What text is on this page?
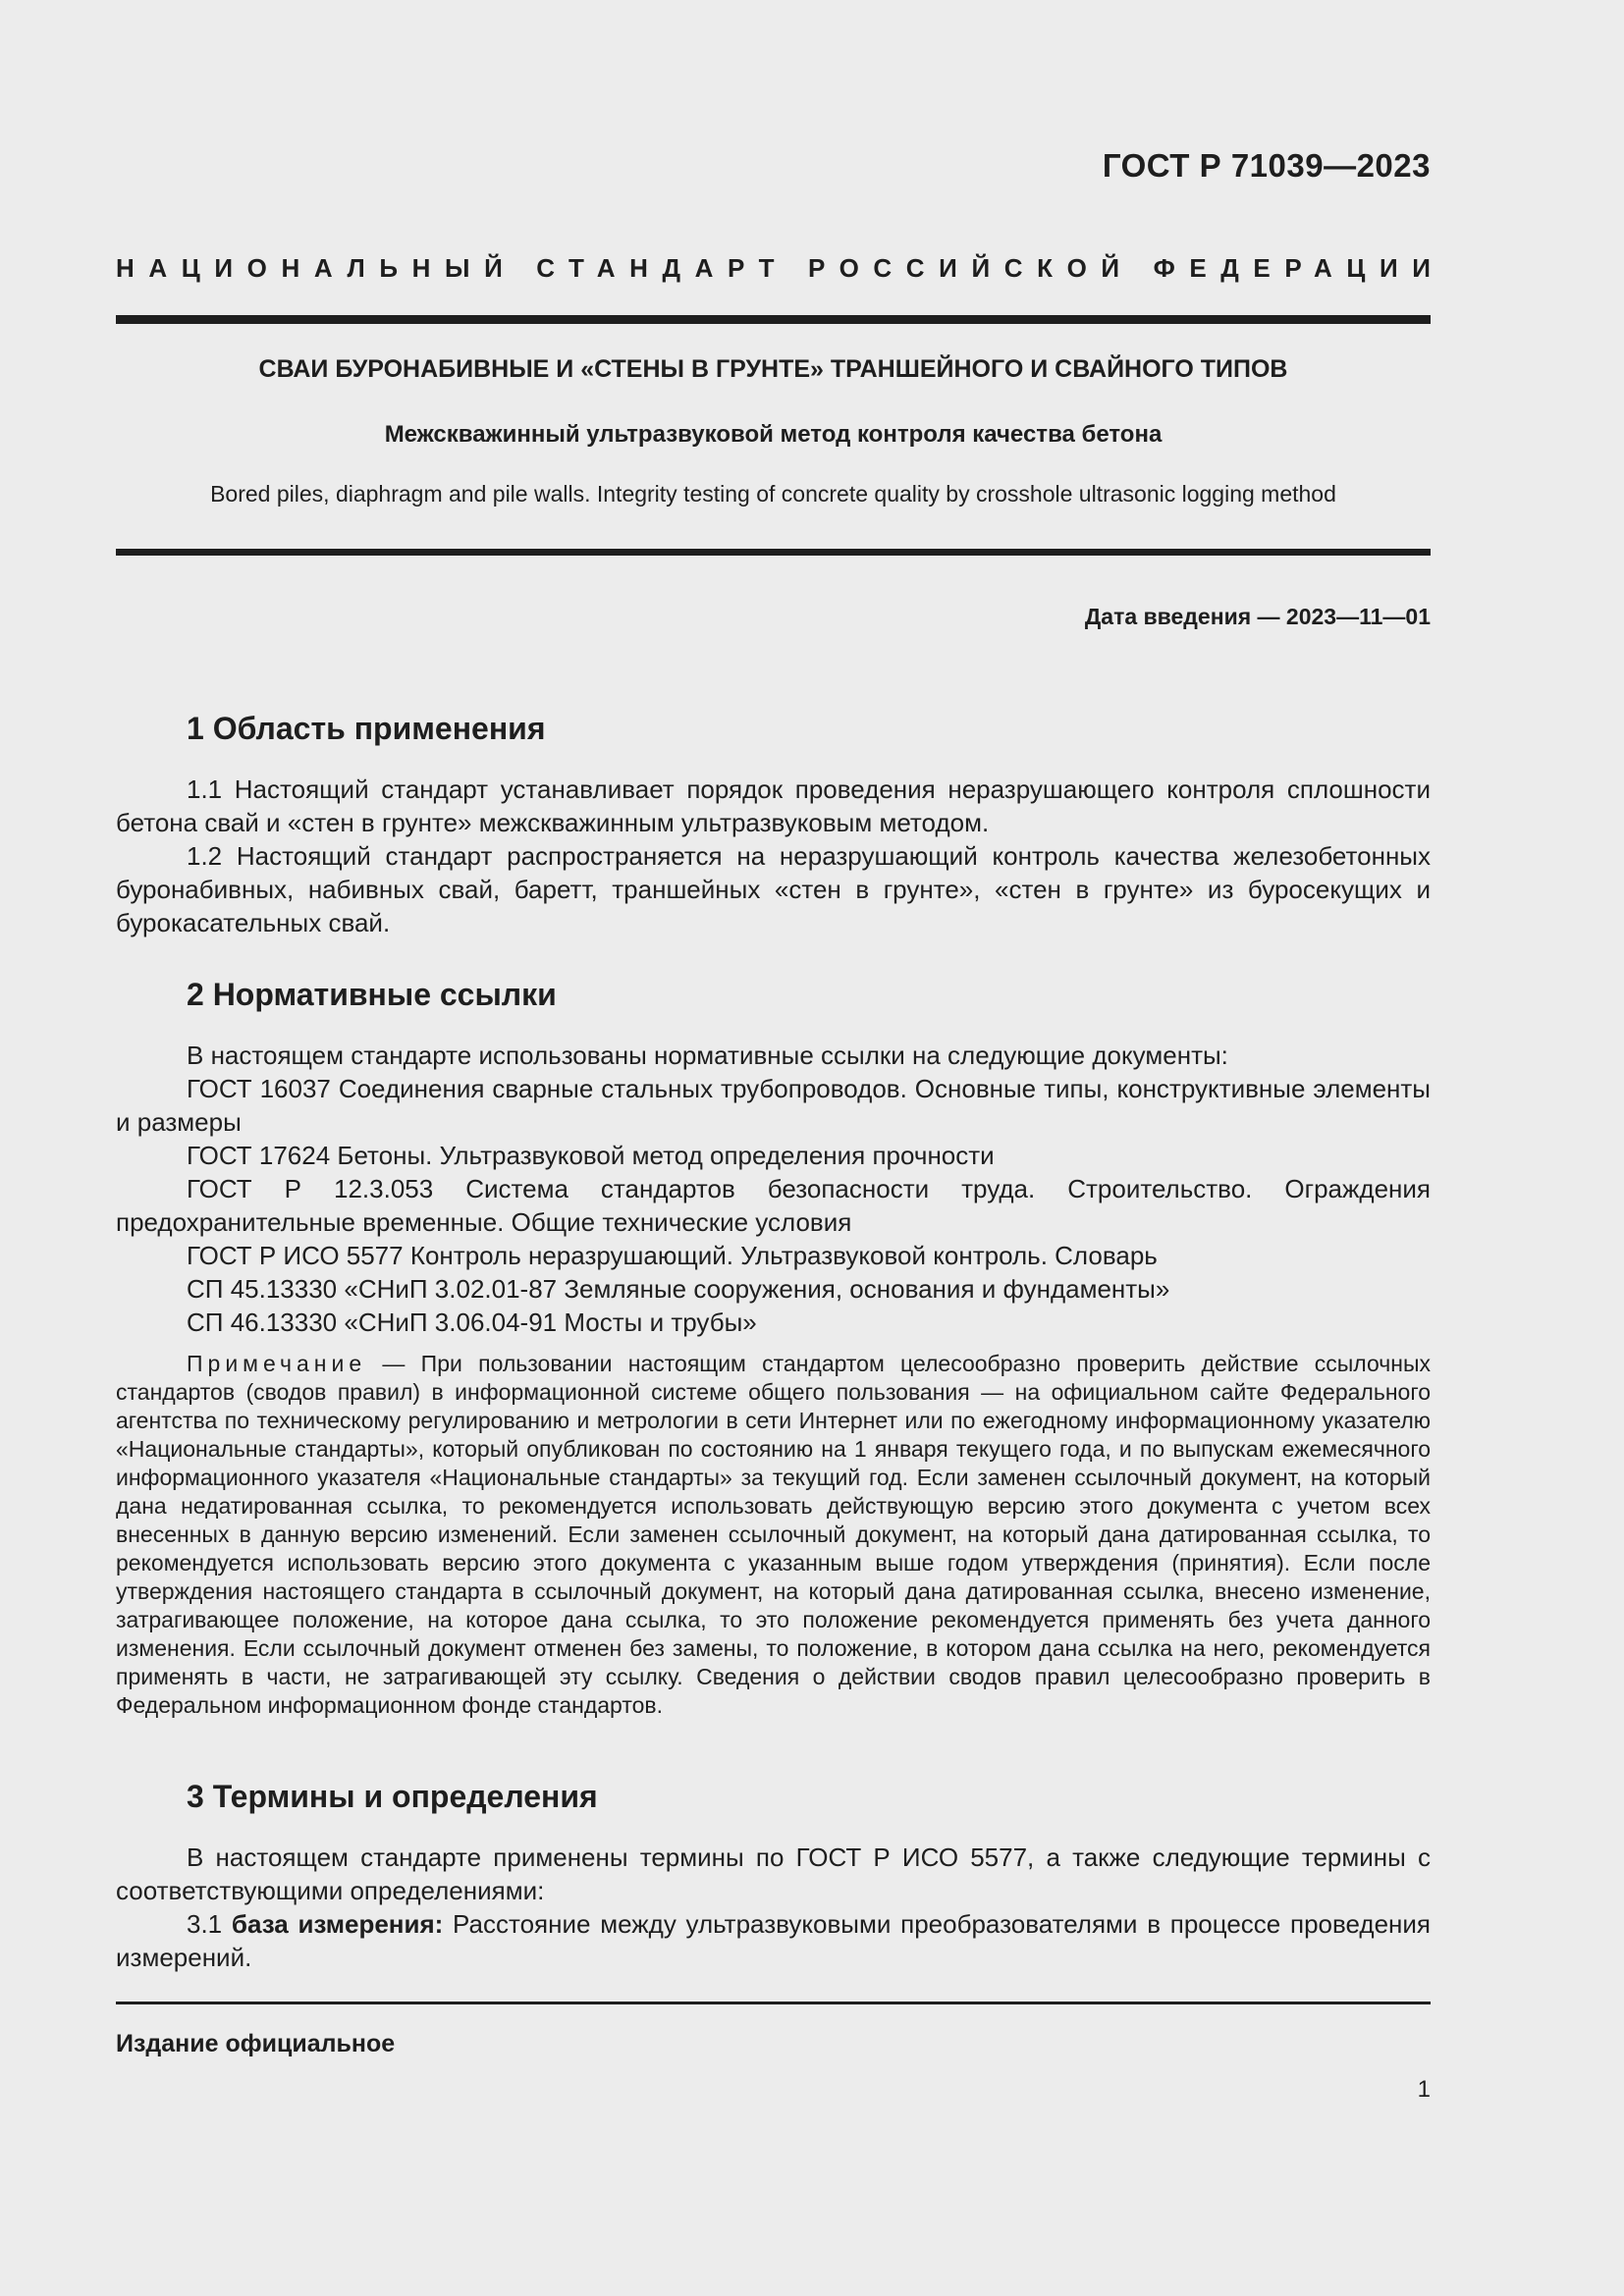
ГОСТ Р 71039—2023
НАЦИОНАЛЬНЫЙ СТАНДАРТ РОССИЙСКОЙ ФЕДЕРАЦИИ
СВАИ БУРОНАБИВНЫЕ И «СТЕНЫ В ГРУНТЕ» ТРАНШЕЙНОГО И СВАЙНОГО ТИПОВ
Межскважинный ультразвуковой метод контроля качества бетона
Bored piles, diaphragm and pile walls. Integrity testing of concrete quality by crosshole ultrasonic logging method
Дата введения — 2023—11—01
1 Область применения
1.1 Настоящий стандарт устанавливает порядок проведения неразрушающего контроля сплошности бетона свай и «стен в грунте» межскважинным ультразвуковым методом.
1.2 Настоящий стандарт распространяется на неразрушающий контроль качества железобетонных буронабивных, набивных свай, баретт, траншейных «стен в грунте», «стен в грунте» из буросекущих и бурокасательных свай.
2 Нормативные ссылки
В настоящем стандарте использованы нормативные ссылки на следующие документы:
ГОСТ 16037 Соединения сварные стальных трубопроводов. Основные типы, конструктивные элементы и размеры
ГОСТ 17624 Бетоны. Ультразвуковой метод определения прочности
ГОСТ Р 12.3.053 Система стандартов безопасности труда. Строительство. Ограждения предохранительные временные. Общие технические условия
ГОСТ Р ИСО 5577 Контроль неразрушающий. Ультразвуковой контроль. Словарь
СП 45.13330 «СНиП 3.02.01-87 Земляные сооружения, основания и фундаменты»
СП 46.13330 «СНиП 3.06.04-91 Мосты и трубы»
Примечание — При пользовании настоящим стандартом целесообразно проверить действие ссылочных стандартов (сводов правил) в информационной системе общего пользования — на официальном сайте Федерального агентства по техническому регулированию и метрологии в сети Интернет или по ежегодному информационному указателю «Национальные стандарты», который опубликован по состоянию на 1 января текущего года, и по выпускам ежемесячного информационного указателя «Национальные стандарты» за текущий год. Если заменен ссылочный документ, на который дана недатированная ссылка, то рекомендуется использовать действующую версию этого документа с учетом всех внесенных в данную версию изменений. Если заменен ссылочный документ, на который дана датированная ссылка, то рекомендуется использовать версию этого документа с указанным выше годом утверждения (принятия). Если после утверждения настоящего стандарта в ссылочный документ, на который дана датированная ссылка, внесено изменение, затрагивающее положение, на которое дана ссылка, то это положение рекомендуется применять без учета данного изменения. Если ссылочный документ отменен без замены, то положение, в котором дана ссылка на него, рекомендуется применять в части, не затрагивающей эту ссылку. Сведения о действии сводов правил целесообразно проверить в Федеральном информационном фонде стандартов.
3 Термины и определения
В настоящем стандарте применены термины по ГОСТ Р ИСО 5577, а также следующие термины с соответствующими определениями:
3.1 база измерения: Расстояние между ультразвуковыми преобразователями в процессе проведения измерений.
Издание официальное
1
